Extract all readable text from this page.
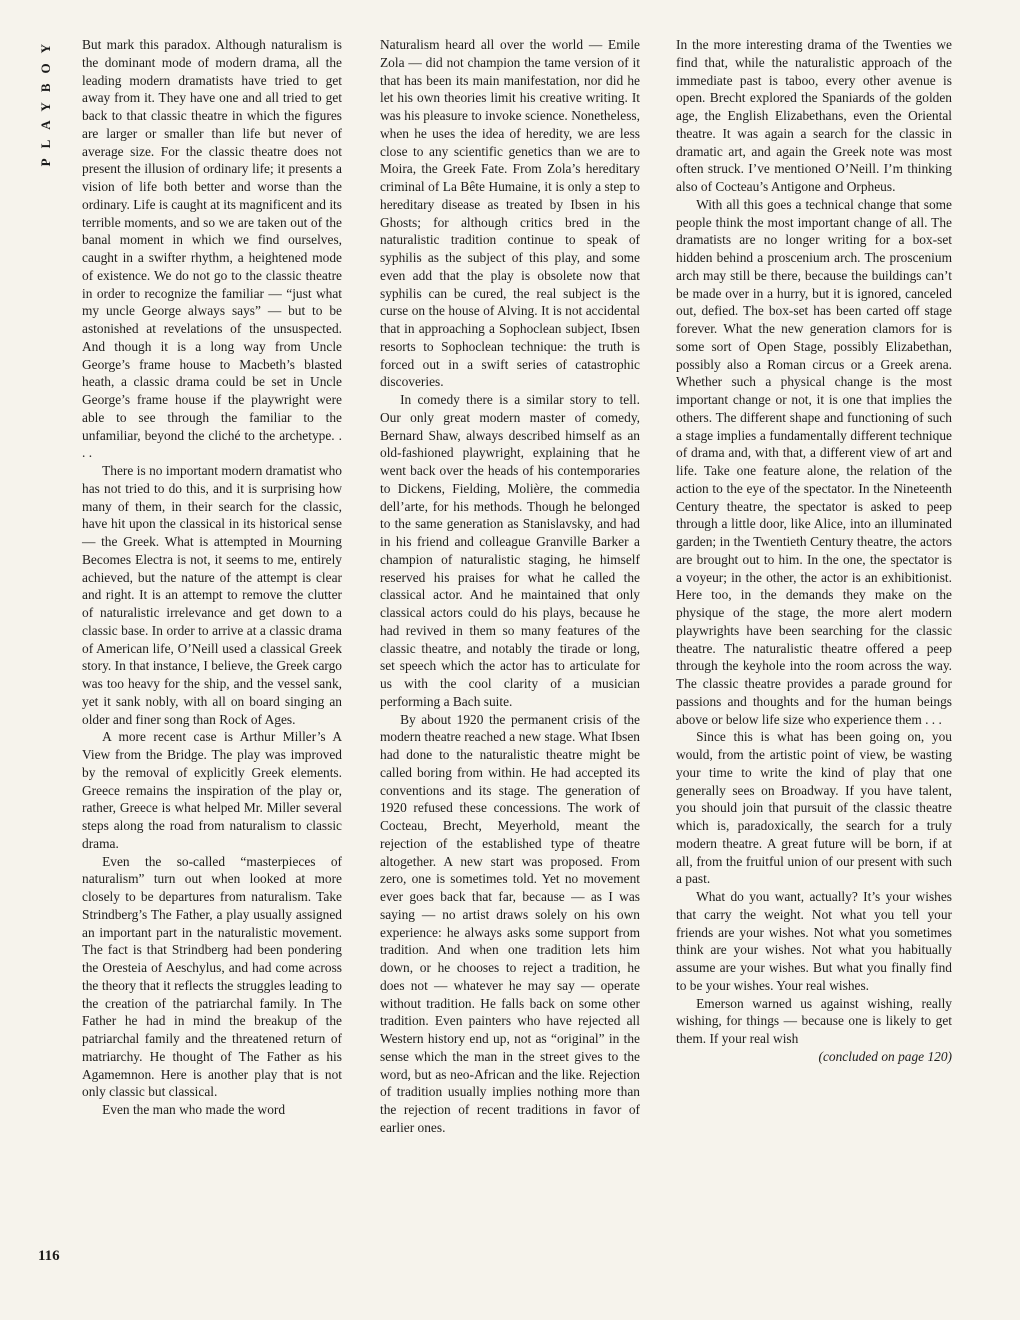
PLAYBOY
116

But mark this paradox. Although naturalism is the dominant mode of modern drama, all the leading modern dramatists have tried to get away from it. They have one and all tried to get back to that classic theatre in which the figures are larger or smaller than life but never of average size. For the classic theatre does not present the illusion of ordinary life; it presents a vision of life both better and worse than the ordinary. Life is caught at its magnificent and its terrible moments, and so we are taken out of the banal moment in which we find ourselves, caught in a swifter rhythm, a heightened mode of existence. We do not go to the classic theatre in order to recognize the familiar — “just what my uncle George always says” — but to be astonished at revelations of the unsuspected. And though it is a long way from Uncle George’s frame house to Macbeth’s blasted heath, a classic drama could be set in Uncle George’s frame house if the playwright were able to see through the familiar to the unfamiliar, beyond the cliché to the archetype. . . .

There is no important modern dramatist who has not tried to do this, and it is surprising how many of them, in their search for the classic, have hit upon the classical in its historical sense — the Greek. What is attempted in Mourning Becomes Electra is not, it seems to me, entirely achieved, but the nature of the attempt is clear and right. It is an attempt to remove the clutter of naturalistic irrelevance and get down to a classic base. In order to arrive at a classic drama of American life, O’Neill used a classical Greek story. In that instance, I believe, the Greek cargo was too heavy for the ship, and the vessel sank, yet it sank nobly, with all on board singing an older and finer song than Rock of Ages.

A more recent case is Arthur Miller’s A View from the Bridge. The play was improved by the removal of explicitly Greek elements. Greece remains the inspiration of the play or, rather, Greece is what helped Mr. Miller several steps along the road from naturalism to classic drama.

Even the so-called “masterpieces of naturalism” turn out when looked at more closely to be departures from naturalism. Take Strindberg’s The Father, a play usually assigned an important part in the naturalistic movement. The fact is that Strindberg had been pondering the Oresteia of Aeschylus, and had come across the theory that it reflects the struggles leading to the creation of the patriarchal family. In The Father he had in mind the breakup of the patriarchal family and the threatened return of matriarchy. He thought of The Father as his Agamemnon. Here is another play that is not only classic but classical.

Even the man who made the word

Naturalism heard all over the world — Emile Zola — did not champion the tame version of it that has been its main manifestation, nor did he let his own theories limit his creative writing. It was his pleasure to invoke science. Nonetheless, when he uses the idea of heredity, we are less close to any scientific genetics than we are to Moira, the Greek Fate. From Zola’s hereditary criminal of La Bête Humaine, it is only a step to hereditary disease as treated by Ibsen in his Ghosts; for although critics bred in the naturalistic tradition continue to speak of syphilis as the subject of this play, and some even add that the play is obsolete now that syphilis can be cured, the real subject is the curse on the house of Alving. It is not accidental that in approaching a Sophoclean subject, Ibsen resorts to Sophoclean technique: the truth is forced out in a swift series of catastrophic discoveries.

In comedy there is a similar story to tell. Our only great modern master of comedy, Bernard Shaw, always described himself as an old-fashioned playwright, explaining that he went back over the heads of his contemporaries to Dickens, Fielding, Molière, the commedia dell’arte, for his methods. Though he belonged to the same generation as Stanislavsky, and had in his friend and colleague Granville Barker a champion of naturalistic staging, he himself reserved his praises for what he called the classical actor. And he maintained that only classical actors could do his plays, because he had revived in them so many features of the classic theatre, and notably the tirade or long, set speech which the actor has to articulate for us with the cool clarity of a musician performing a Bach suite.

By about 1920 the permanent crisis of the modern theatre reached a new stage. What Ibsen had done to the naturalistic theatre might be called boring from within. He had accepted its conventions and its stage. The generation of 1920 refused these concessions. The work of Cocteau, Brecht, Meyerhold, meant the rejection of the established type of theatre altogether. A new start was proposed. From zero, one is sometimes told. Yet no movement ever goes back that far, because — as I was saying — no artist draws solely on his own experience: he always asks some support from tradition. And when one tradition lets him down, or he chooses to reject a tradition, he does not — whatever he may say — operate without tradition. He falls back on some other tradition. Even painters who have rejected all Western history end up, not as “original” in the sense which the man in the street gives to the word, but as neo-African and the like. Rejection of tradition usually implies nothing more than the rejection of recent traditions in favor of earlier ones.

In the more interesting drama of the Twenties we find that, while the naturalistic approach of the immediate past is taboo, every other avenue is open. Brecht explored the Spaniards of the golden age, the English Elizabethans, even the Oriental theatre. It was again a search for the classic in dramatic art, and again the Greek note was most often struck. I’ve mentioned O’Neill. I’m thinking also of Cocteau’s Antigone and Orpheus.

With all this goes a technical change that some people think the most important change of all. The dramatists are no longer writing for a box-set hidden behind a proscenium arch. The proscenium arch may still be there, because the buildings can’t be made over in a hurry, but it is ignored, canceled out, defied. The box-set has been carted off stage forever. What the new generation clamors for is some sort of Open Stage, possibly Elizabethan, possibly also a Roman circus or a Greek arena. Whether such a physical change is the most important change or not, it is one that implies the others. The different shape and functioning of such a stage implies a fundamentally different technique of drama and, with that, a different view of art and life. Take one feature alone, the relation of the action to the eye of the spectator. In the Nineteenth Century theatre, the spectator is asked to peep through a little door, like Alice, into an illuminated garden; in the Twentieth Century theatre, the actors are brought out to him. In the one, the spectator is a voyeur; in the other, the actor is an exhibitionist. Here too, in the demands they make on the physique of the stage, the more alert modern playwrights have been searching for the classic theatre. The naturalistic theatre offered a peep through the keyhole into the room across the way. The classic theatre provides a parade ground for passions and thoughts and for the human beings above or below life size who experience them . . .

Since this is what has been going on, you would, from the artistic point of view, be wasting your time to write the kind of play that one generally sees on Broadway. If you have talent, you should join that pursuit of the classic theatre which is, paradoxically, the search for a truly modern theatre. A great future will be born, if at all, from the fruitful union of our present with such a past.

What do you want, actually? It’s your wishes that carry the weight. Not what you tell your friends are your wishes. Not what you sometimes think are your wishes. Not what you habitually assume are your wishes. But what you finally find to be your wishes. Your real wishes.

Emerson warned us against wishing, really wishing, for things — because one is likely to get them. If your real wish

(concluded on page 120)
